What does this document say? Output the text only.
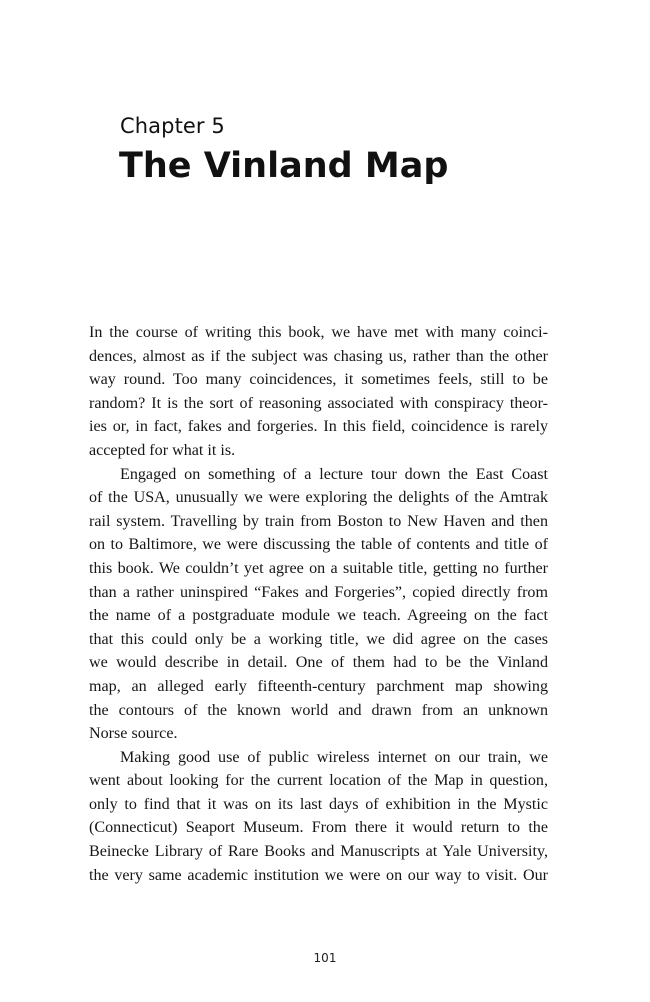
Chapter 5
The Vinland Map
In the course of writing this book, we have met with many coinci-
dences, almost as if the subject was chasing us, rather than the other
way round. Too many coincidences, it sometimes feels, still to be
random? It is the sort of reasoning associated with conspiracy theor-
ies or, in fact, fakes and forgeries. In this field, coincidence is rarely
accepted for what it is.
Engaged on something of a lecture tour down the East Coast
of the USA, unusually we were exploring the delights of the Amtrak
rail system. Travelling by train from Boston to New Haven and then
on to Baltimore, we were discussing the table of contents and title of
this book. We couldn’t yet agree on a suitable title, getting no further
than a rather uninspired “Fakes and Forgeries”, copied directly from
the name of a postgraduate module we teach. Agreeing on the fact
that this could only be a working title, we did agree on the cases
we would describe in detail. One of them had to be the Vinland
map, an alleged early fifteenth-century parchment map showing
the contours of the known world and drawn from an unknown
Norse source.
Making good use of public wireless internet on our train, we
went about looking for the current location of the Map in question,
only to find that it was on its last days of exhibition in the Mystic
(Connecticut) Seaport Museum. From there it would return to the
Beinecke Library of Rare Books and Manuscripts at Yale University,
the very same academic institution we were on our way to visit. Our
101
